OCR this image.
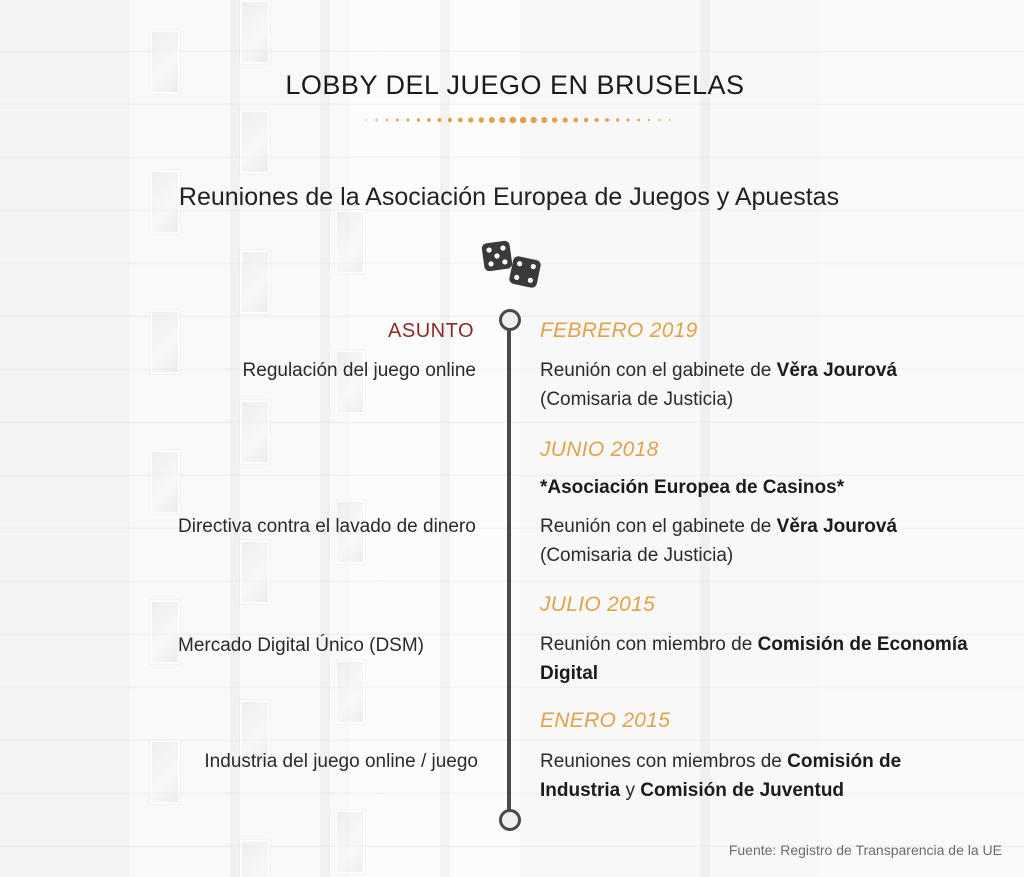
LOBBY DEL JUEGO EN BRUSELAS
Reuniones de la Asociación Europea de Juegos y Apuestas
ASUNTO
Regulación del juego online
FEBRERO 2019
Reunión con el gabinete de Věra Jourová (Comisaria de Justicia)
Directiva contra el lavado de dinero
JUNIO 2018
*Asociación Europea de Casinos*
Reunión con el gabinete de Věra Jourová (Comisaria de Justicia)
Mercado Digital Único (DSM)
JULIO 2015
Reunión con miembro de Comisión de Economía Digital
Industria del juego online / juego
ENERO 2015
Reuniones con miembros de Comisión de Industria y Comisión de Juventud
Fuente: Registro de Transparencia de la UE
